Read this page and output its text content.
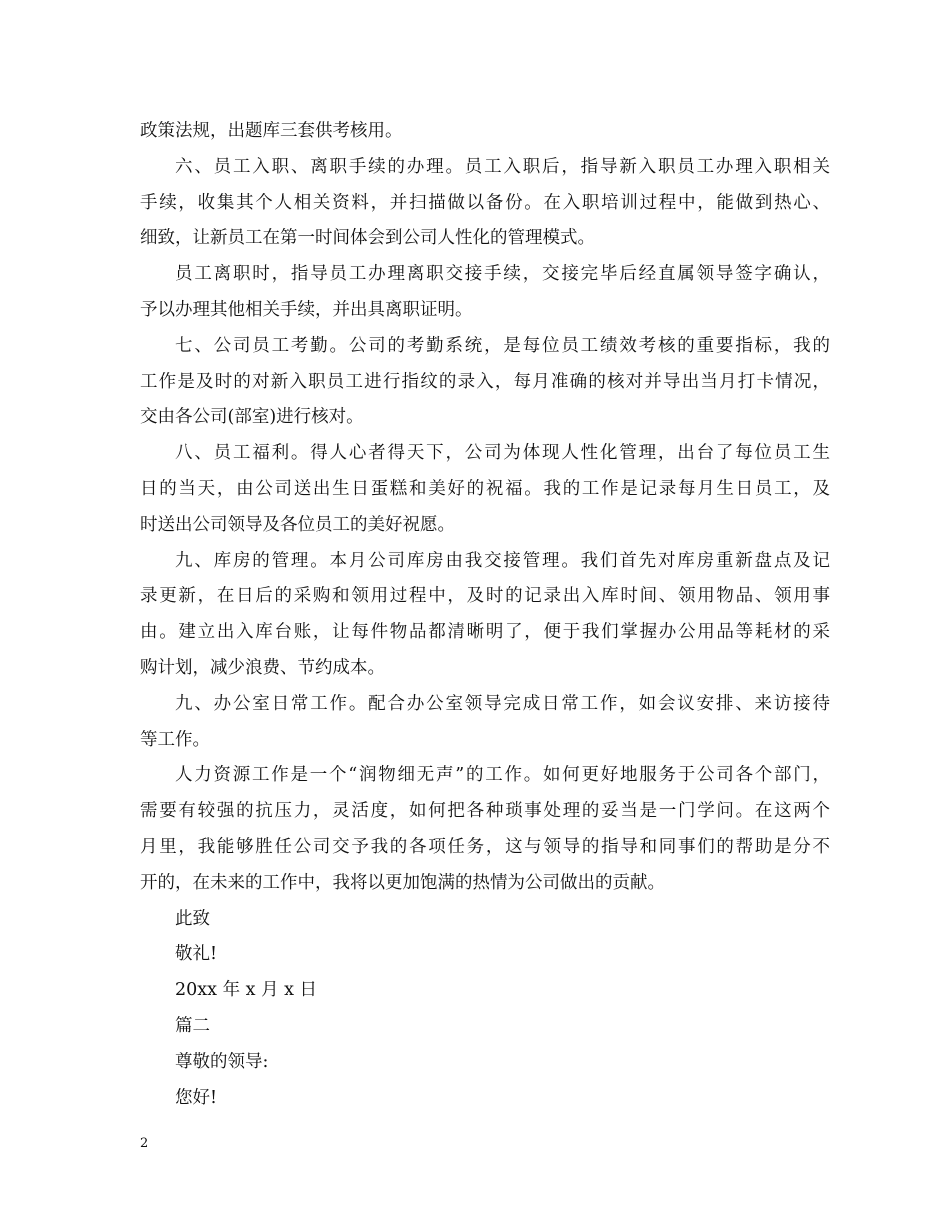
政策法规，出题库三套供考核用。
六、员工入职、离职手续的办理。员工入职后，指导新入职员工办理入职相关
手续，收集其个人相关资料，并扫描做以备份。在入职培训过程中，能做到热心、
细致，让新员工在第一时间体会到公司人性化的管理模式。
员工离职时，指导员工办理离职交接手续，交接完毕后经直属领导签字确认，
予以办理其他相关手续，并出具离职证明。
七、公司员工考勤。公司的考勤系统，是每位员工绩效考核的重要指标，我的
工作是及时的对新入职员工进行指纹的录入，每月准确的核对并导出当月打卡情况，
交由各公司(部室)进行核对。
八、员工福利。得人心者得天下，公司为体现人性化管理，出台了每位员工生
日的当天，由公司送出生日蛋糕和美好的祝福。我的工作是记录每月生日员工，及
时送出公司领导及各位员工的美好祝愿。
九、库房的管理。本月公司库房由我交接管理。我们首先对库房重新盘点及记
录更新，在日后的采购和领用过程中，及时的记录出入库时间、领用物品、领用事
由。建立出入库台账，让每件物品都清晰明了，便于我们掌握办公用品等耗材的采
购计划，减少浪费、节约成本。
九、办公室日常工作。配合办公室领导完成日常工作，如会议安排、来访接待
等工作。
人力资源工作是一个“润物细无声”的工作。如何更好地服务于公司各个部门，
需要有较强的抗压力，灵活度，如何把各种琐事处理的妥当是一门学问。在这两个
月里，我能够胜任公司交予我的各项任务，这与领导的指导和同事们的帮助是分不
开的，在未来的工作中，我将以更加饱满的热情为公司做出的贡献。
此致
敬礼!
20xx 年 x 月 x 日
篇二
尊敬的领导:
您好!
2
